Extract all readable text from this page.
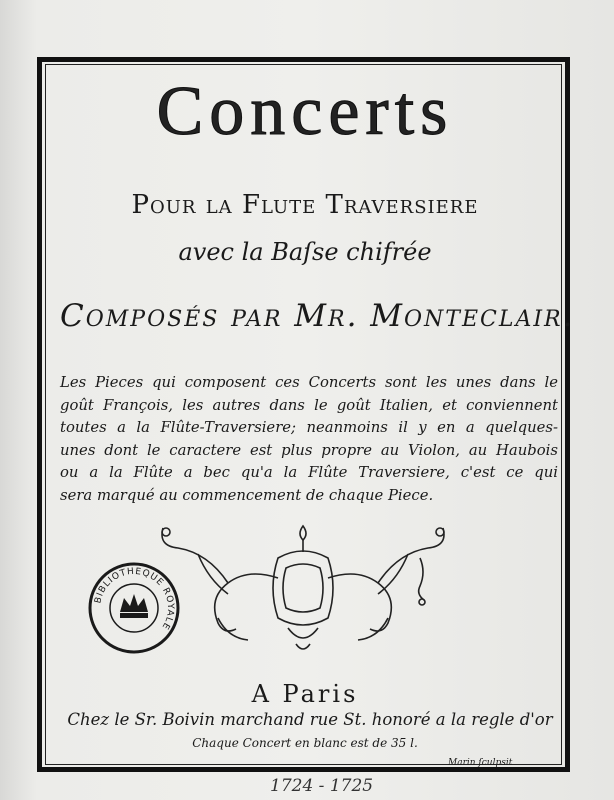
Concerts
Pour la Flute Traversiere
avec la Baſse chifrée
Composés par Mr. Monteclair.
Les Pieces qui composent ces Concerts sont les unes dans le
goût François, les autres dans le goût Italien, et conviennent
toutes a la Flûte-Traversiere; neanmoins il y en a quelques-
unes dont le caractere est plus propre au Violon, au Haubois
ou a la Flûte a bec qu'a la Flûte Traversiere, c'est ce qui
sera marqué au commencement de chaque Piece.
BIBLIOTHEQUE ROYALE
A Paris
Chez le Sr. Boivin marchand rue St. honoré a la regle d'or
Chaque Concert en blanc est de 35 l.
Marin ſculpsit
1724 - 1725
